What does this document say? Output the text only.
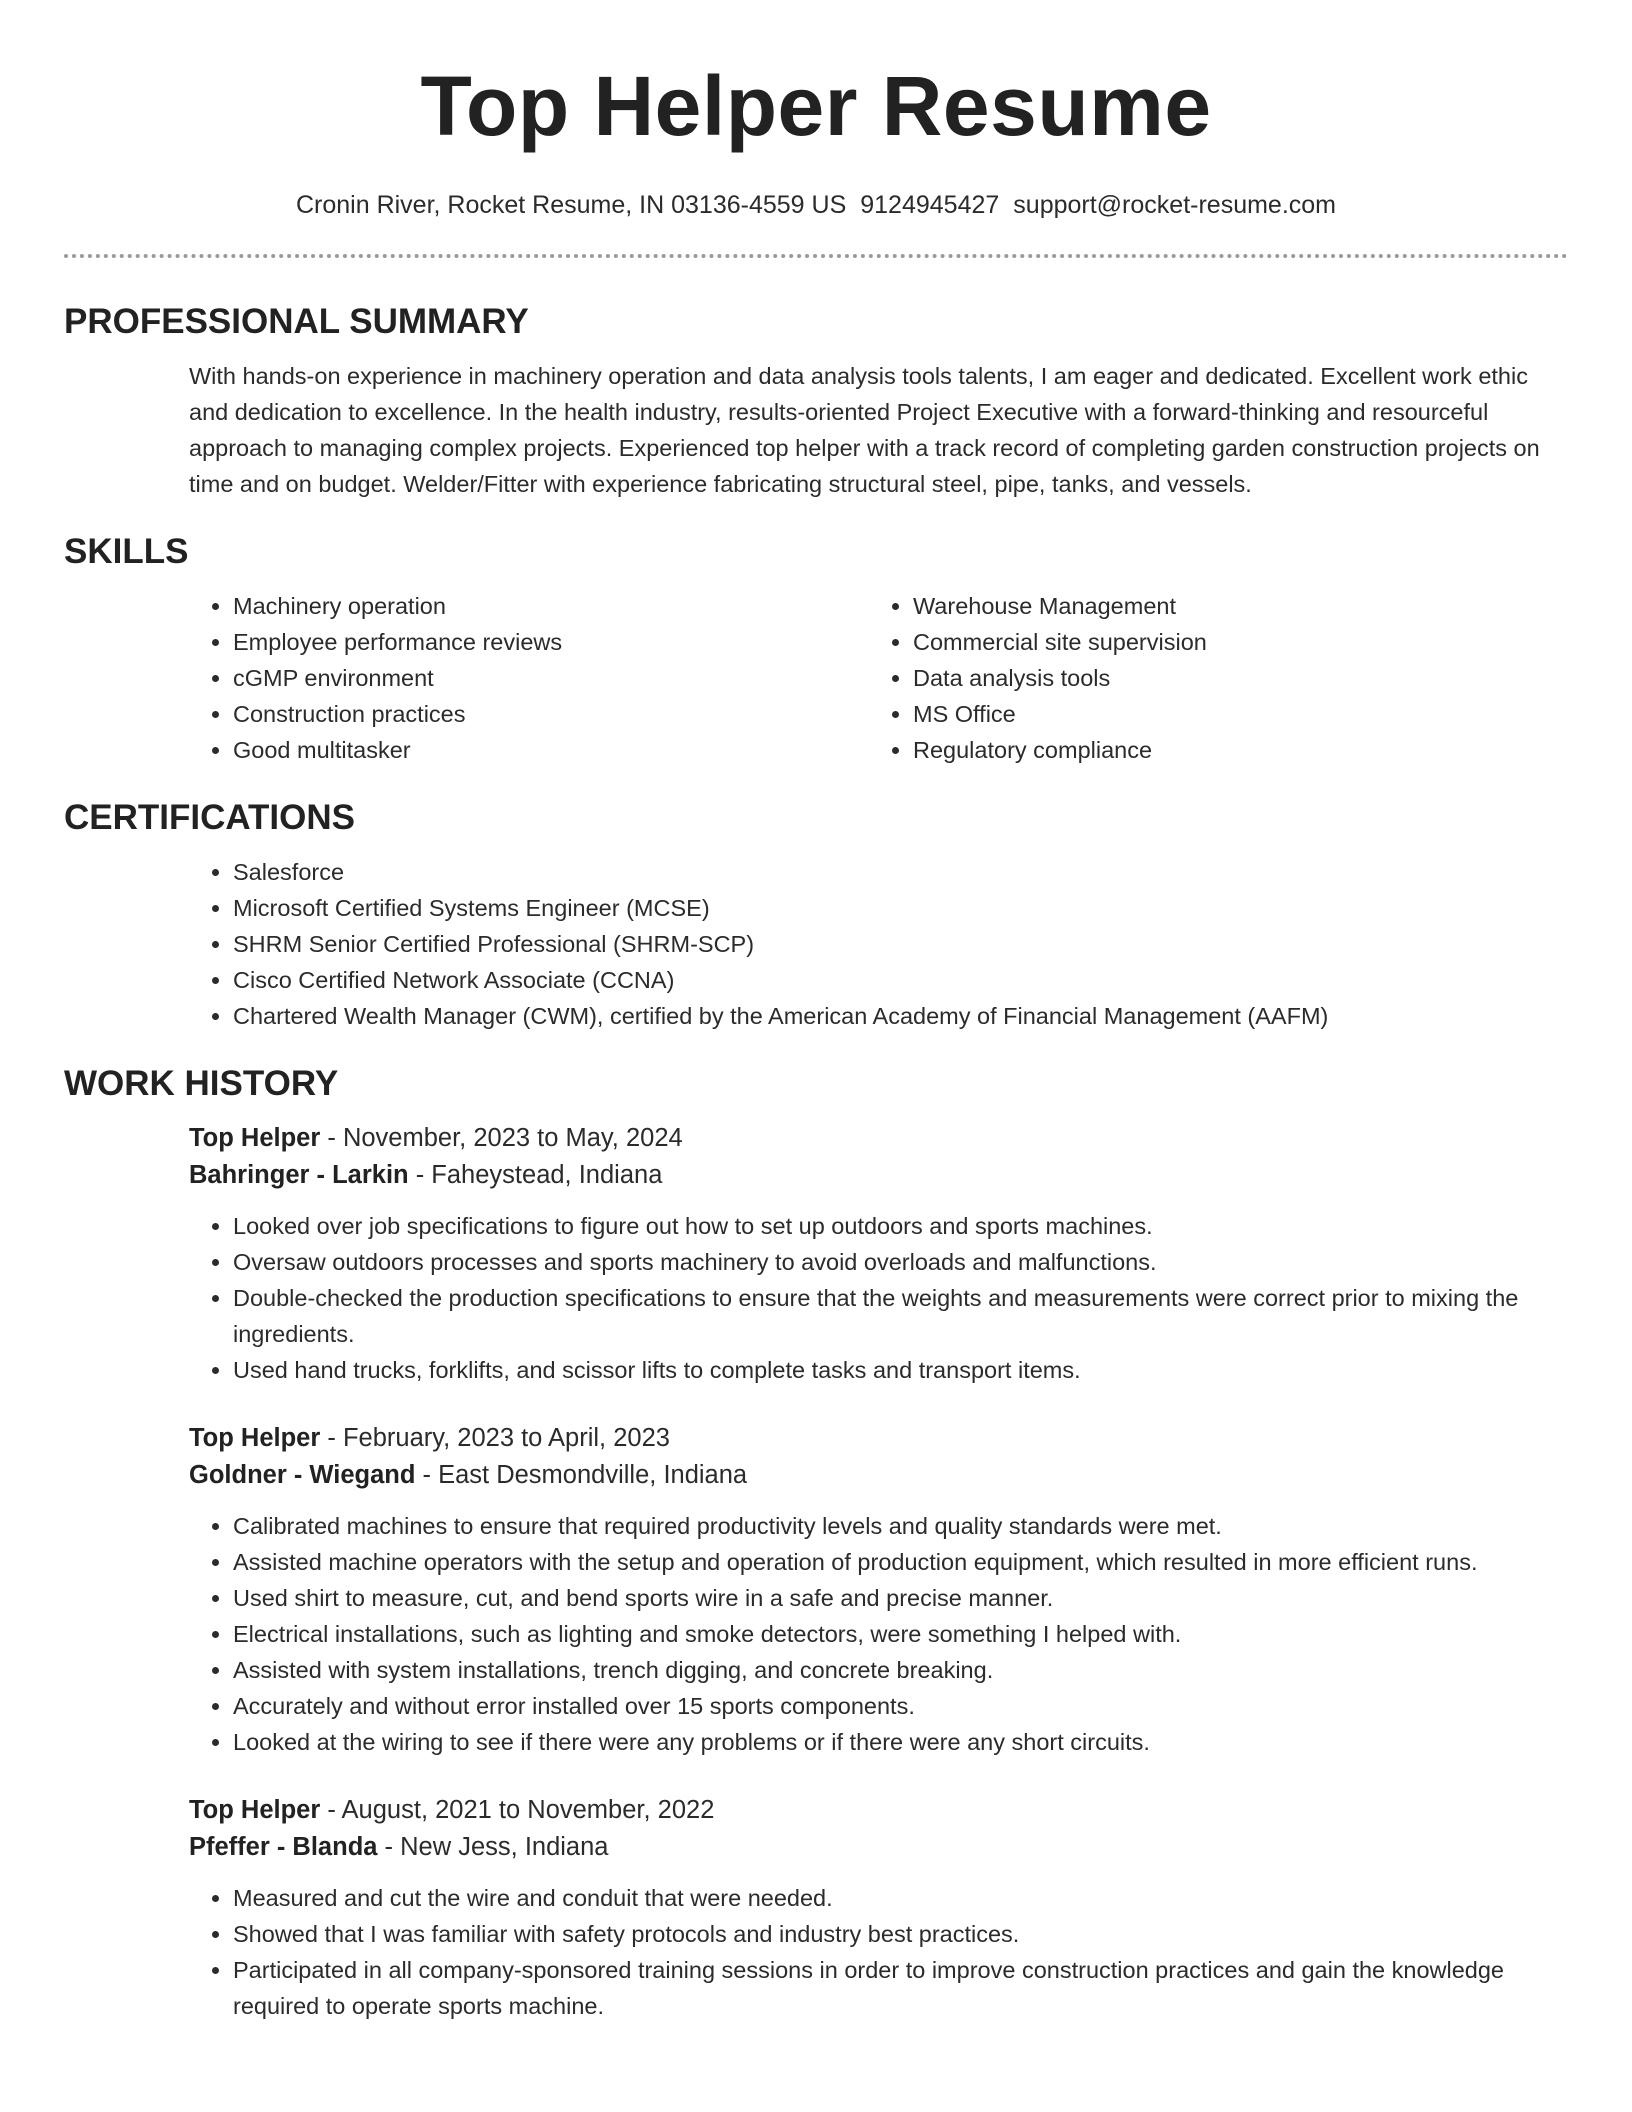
Top Helper Resume
Cronin River, Rocket Resume, IN 03136-4559 US 9124945427 support@rocket-resume.com
PROFESSIONAL SUMMARY
With hands-on experience in machinery operation and data analysis tools talents, I am eager and dedicated. Excellent work ethic and dedication to excellence. In the health industry, results-oriented Project Executive with a forward-thinking and resourceful approach to managing complex projects. Experienced top helper with a track record of completing garden construction projects on time and on budget. Welder/Fitter with experience fabricating structural steel, pipe, tanks, and vessels.
SKILLS
• Machinery operation
• Employee performance reviews
• cGMP environment
• Construction practices
• Good multitasker
• Warehouse Management
• Commercial site supervision
• Data analysis tools
• MS Office
• Regulatory compliance
CERTIFICATIONS
• Salesforce
• Microsoft Certified Systems Engineer (MCSE)
• SHRM Senior Certified Professional (SHRM-SCP)
• Cisco Certified Network Associate (CCNA)
• Chartered Wealth Manager (CWM), certified by the American Academy of Financial Management (AAFM)
WORK HISTORY
Top Helper - November, 2023 to May, 2024
Bahringer - Larkin - Faheystead, Indiana
• Looked over job specifications to figure out how to set up outdoors and sports machines.
• Oversaw outdoors processes and sports machinery to avoid overloads and malfunctions.
• Double-checked the production specifications to ensure that the weights and measurements were correct prior to mixing the ingredients.
• Used hand trucks, forklifts, and scissor lifts to complete tasks and transport items.
Top Helper - February, 2023 to April, 2023
Goldner - Wiegand - East Desmondville, Indiana
• Calibrated machines to ensure that required productivity levels and quality standards were met.
• Assisted machine operators with the setup and operation of production equipment, which resulted in more efficient runs.
• Used shirt to measure, cut, and bend sports wire in a safe and precise manner.
• Electrical installations, such as lighting and smoke detectors, were something I helped with.
• Assisted with system installations, trench digging, and concrete breaking.
• Accurately and without error installed over 15 sports components.
• Looked at the wiring to see if there were any problems or if there were any short circuits.
Top Helper - August, 2021 to November, 2022
Pfeffer - Blanda - New Jess, Indiana
• Measured and cut the wire and conduit that were needed.
• Showed that I was familiar with safety protocols and industry best practices.
• Participated in all company-sponsored training sessions in order to improve construction practices and gain the knowledge required to operate sports machine.
